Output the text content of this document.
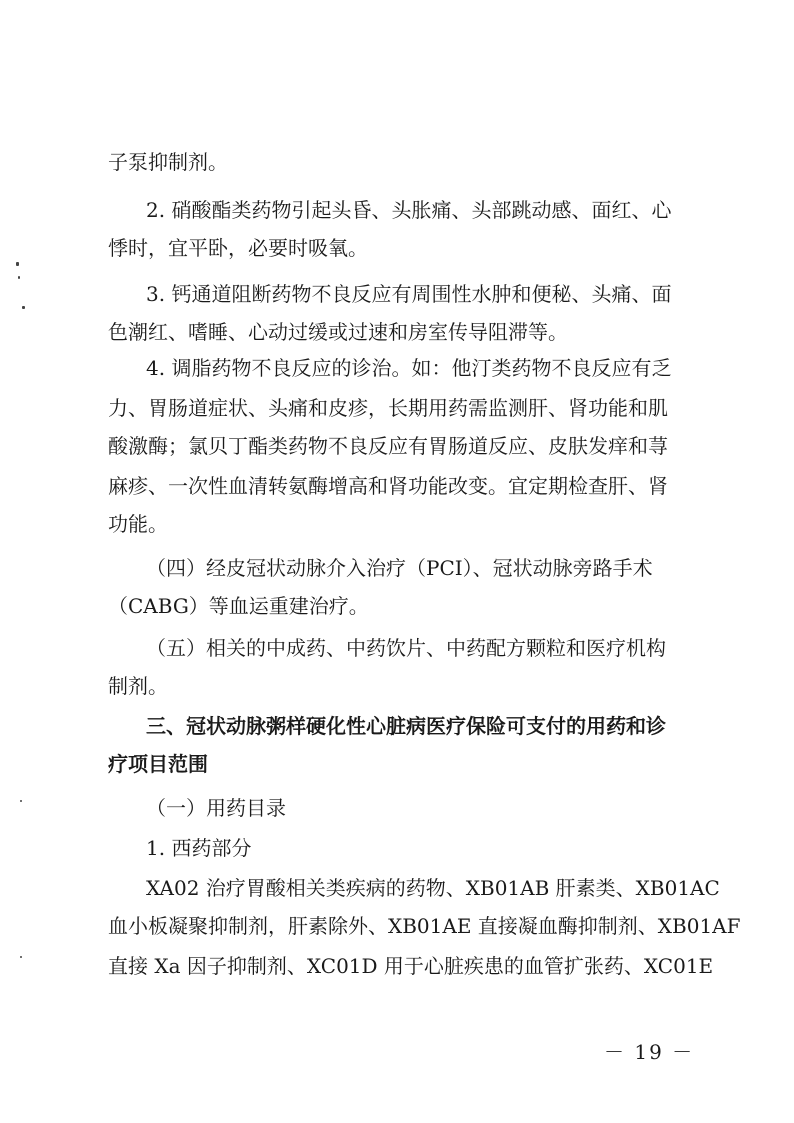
子泵抑制剂。
2. 硝酸酯类药物引起头昏、头胀痛、头部跳动感、面红、心
悸时，宜平卧，必要时吸氧。
3. 钙通道阻断药物不良反应有周围性水肿和便秘、头痛、面
色潮红、嗜睡、心动过缓或过速和房室传导阻滞等。
4. 调脂药物不良反应的诊治。如：他汀类药物不良反应有乏
力、胃肠道症状、头痛和皮疹，长期用药需监测肝、肾功能和肌
酸激酶；氯贝丁酯类药物不良反应有胃肠道反应、皮肤发痒和荨
麻疹、一次性血清转氨酶增高和肾功能改变。宜定期检查肝、肾
功能。
（四）经皮冠状动脉介入治疗（PCI）、冠状动脉旁路手术
（CABG）等血运重建治疗。
（五）相关的中成药、中药饮片、中药配方颗粒和医疗机构
制剂。
三、冠状动脉粥样硬化性心脏病医疗保险可支付的用药和诊
疗项目范围
（一）用药目录
1. 西药部分
XA02 治疗胃酸相关类疾病的药物、XB01AB 肝素类、XB01AC
血小板凝聚抑制剂，肝素除外、XB01AE 直接凝血酶抑制剂、XB01AF
直接 Xa 因子抑制剂、XC01D 用于心脏疾患的血管扩张药、XC01E
－ 19 －
